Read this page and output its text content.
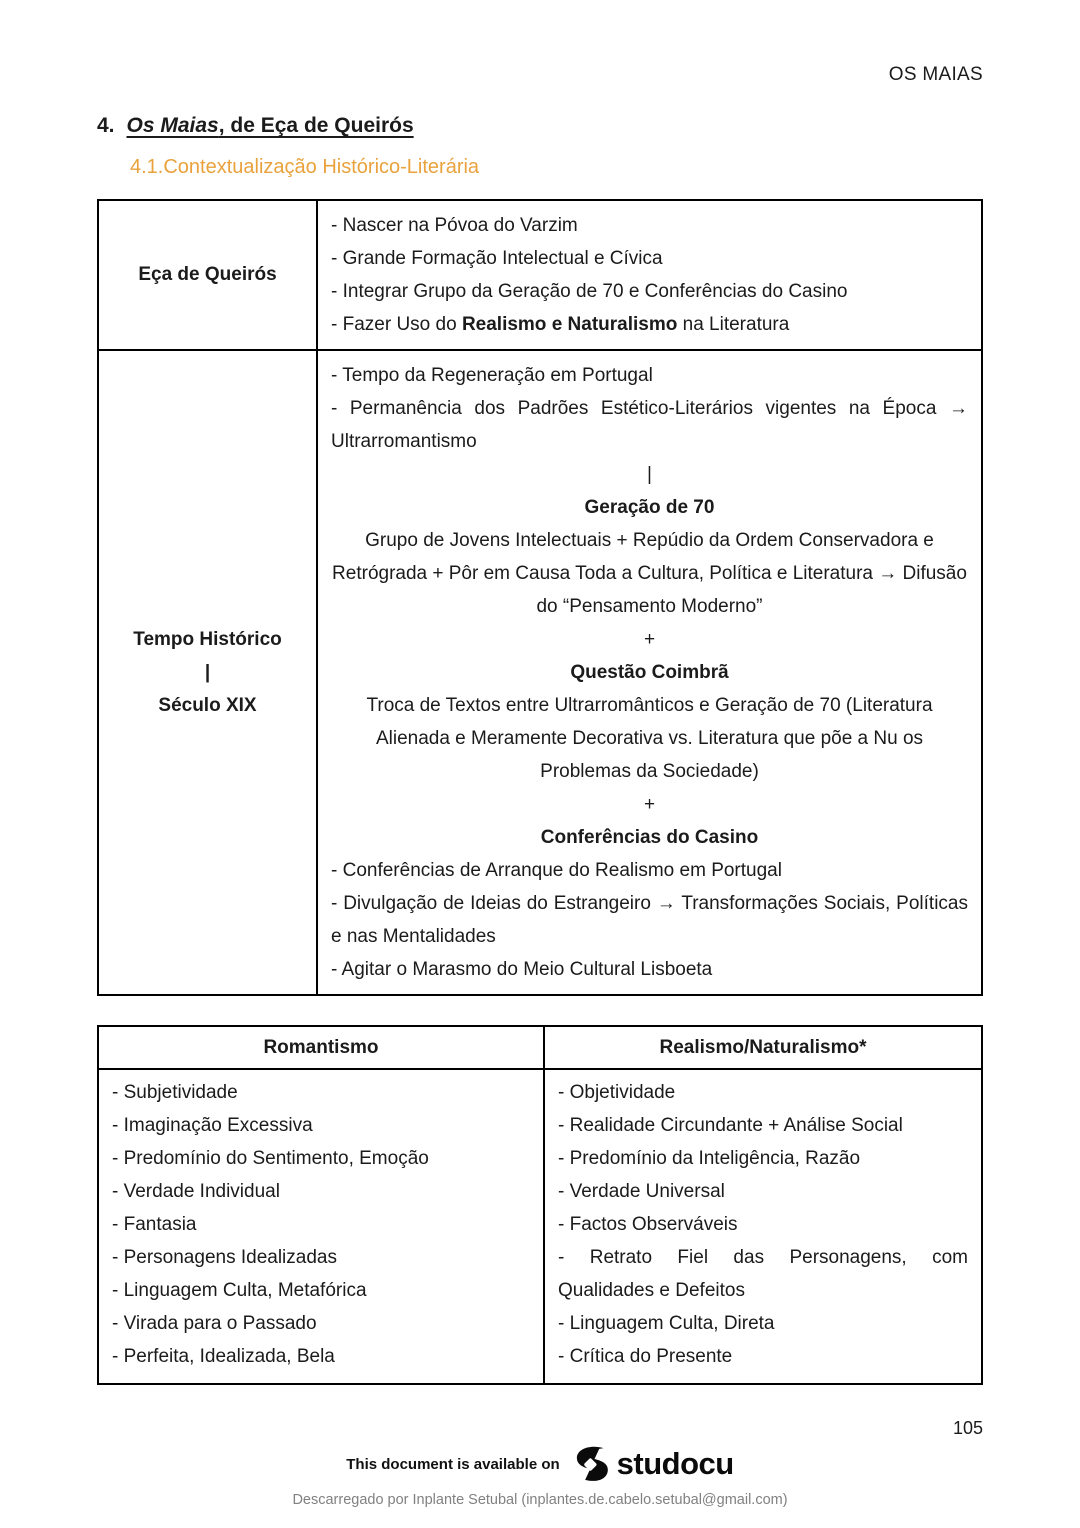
OS MAIAS
4. Os Maias, de Eça de Queirós
4.1.Contextualização Histórico-Literária
Eça de Queirós
- Nascer na Póvoa do Varzim
- Grande Formação Intelectual e Cívica
- Integrar Grupo da Geração de 70 e Conferências do Casino
- Fazer Uso do Realismo e Naturalismo na Literatura
Tempo Histórico
|
Século XIX
- Tempo da Regeneração em Portugal
- Permanência dos Padrões Estético-Literários vigentes na Época → Ultrarromantismo
|
Geração de 70
Grupo de Jovens Intelectuais + Repúdio da Ordem Conservadora e Retrógrada + Pôr em Causa Toda a Cultura, Política e Literatura → Difusão do “Pensamento Moderno”
+
Questão Coimbrã
Troca de Textos entre Ultrarromânticos e Geração de 70 (Literatura Alienada e Meramente Decorativa vs. Literatura que põe a Nu os Problemas da Sociedade)
+
Conferências do Casino
- Conferências de Arranque do Realismo em Portugal
- Divulgação de Ideias do Estrangeiro → Transformações Sociais, Políticas e nas Mentalidades
- Agitar o Marasmo do Meio Cultural Lisboeta
Romantismo	Realismo/Naturalismo*
- Subjetividade
- Imaginação Excessiva
- Predomínio do Sentimento, Emoção
- Verdade Individual
- Fantasia
- Personagens Idealizadas
- Linguagem Culta, Metafórica
- Virada para o Passado
- Perfeita, Idealizada, Bela
- Objetividade
- Realidade Circundante + Análise Social
- Predomínio da Inteligência, Razão
- Verdade Universal
- Factos Observáveis
- Retrato Fiel das Personagens, com Qualidades e Defeitos
- Linguagem Culta, Direta
- Crítica do Presente
105
This document is available on studocu
Descarregado por Inplante Setubal (inplantes.de.cabelo.setubal@gmail.com)
